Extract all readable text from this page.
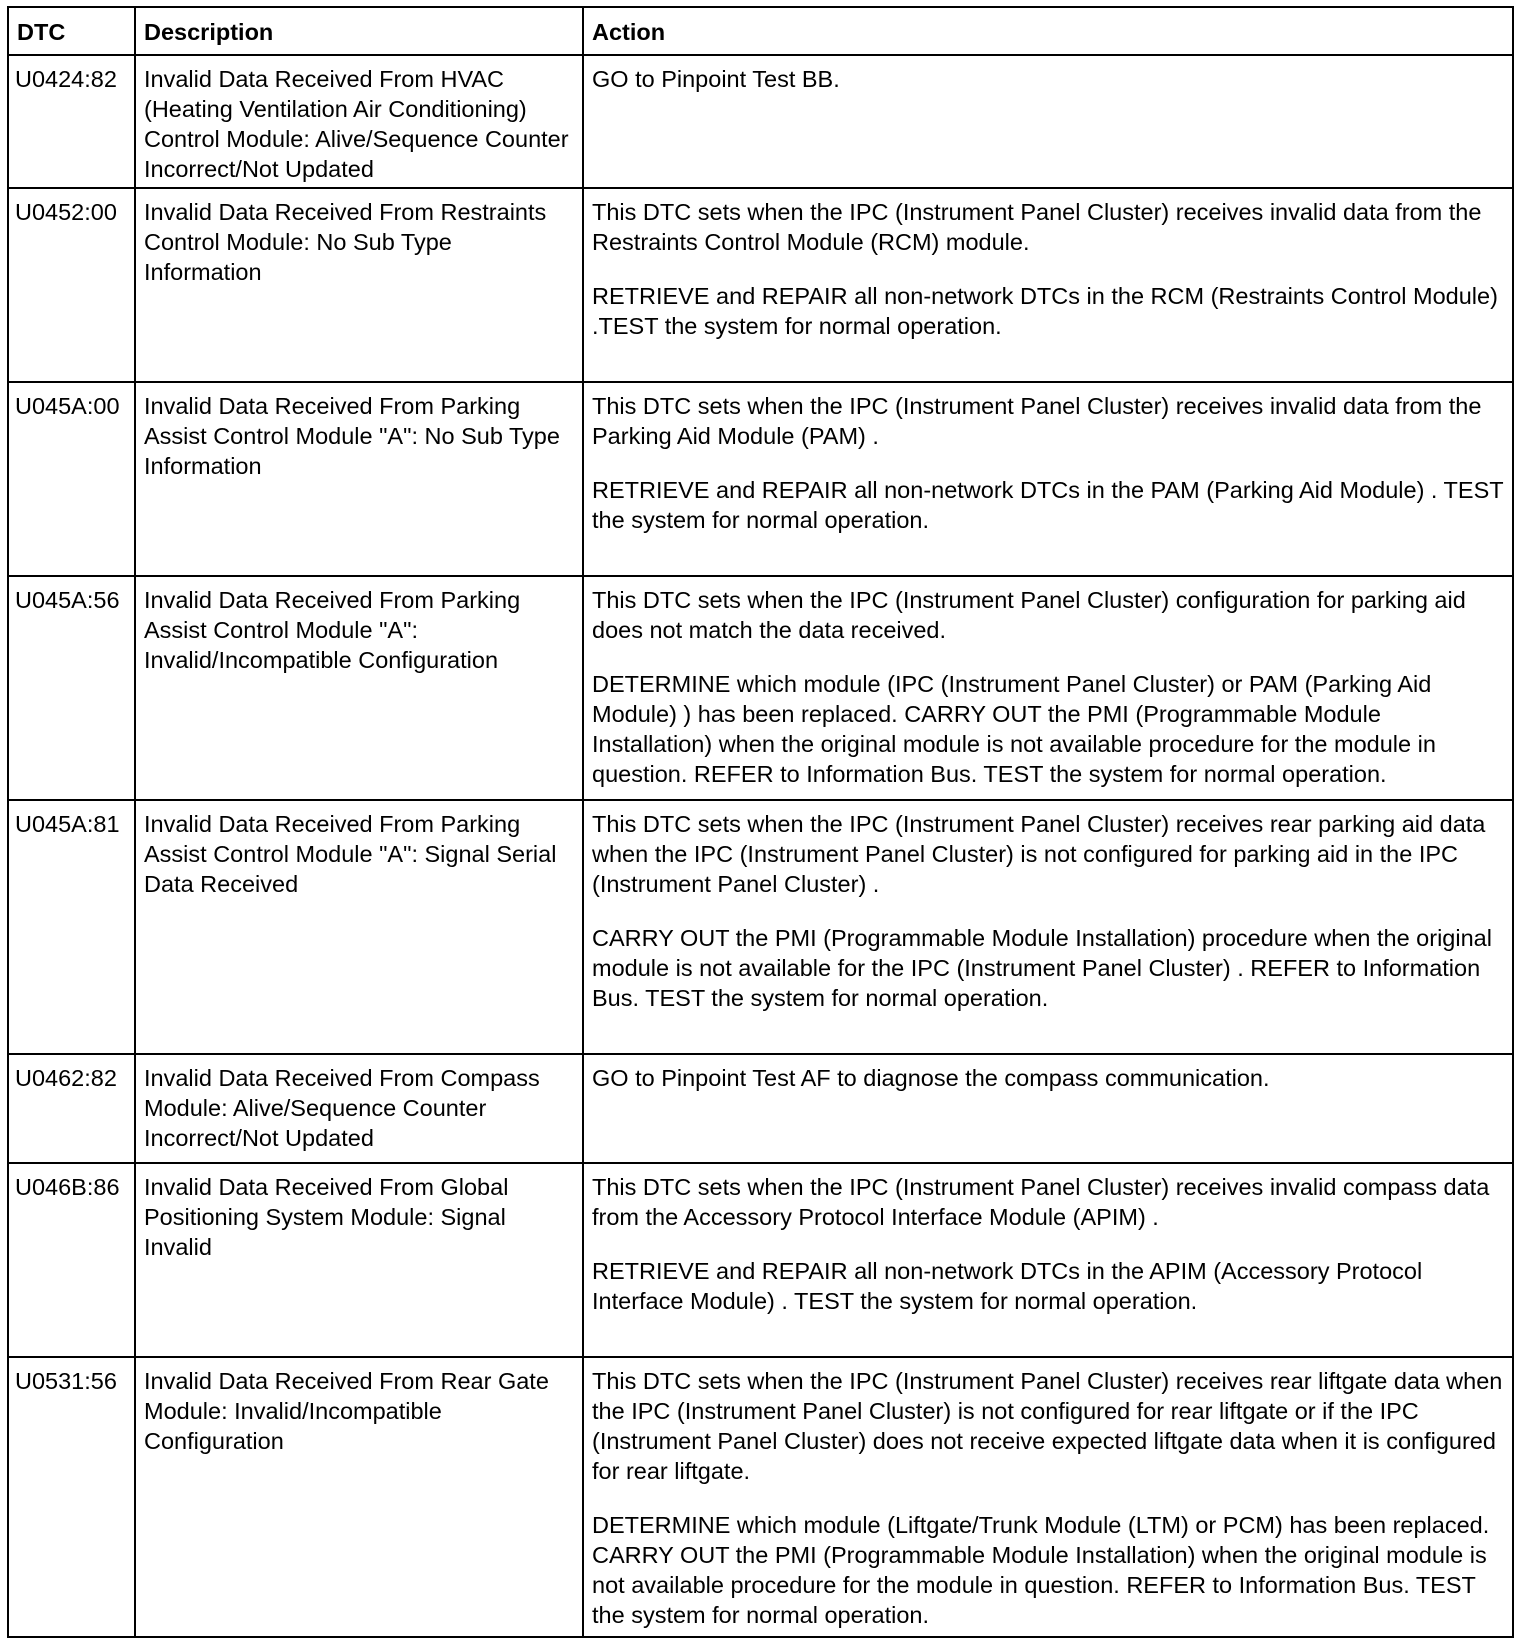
DTC	Description	Action
U0424:82	Invalid Data Received From HVAC (Heating Ventilation Air Conditioning) Control Module: Alive/Sequence Counter Incorrect/Not Updated	GO to Pinpoint Test BB.

U0452:00	Invalid Data Received From Restraints Control Module: No Sub Type Information	This DTC sets when the IPC (Instrument Panel Cluster) receives invalid data from the Restraints Control Module (RCM) module.

RETRIEVE and REPAIR all non-network DTCs in the RCM (Restraints Control Module) .TEST the system for normal operation.

U045A:00	Invalid Data Received From Parking Assist Control Module "A": No Sub Type Information	This DTC sets when the IPC (Instrument Panel Cluster) receives invalid data from the Parking Aid Module (PAM) .

RETRIEVE and REPAIR all non-network DTCs in the PAM (Parking Aid Module) . TEST the system for normal operation.

U045A:56	Invalid Data Received From Parking Assist Control Module "A": Invalid/Incompatible Configuration	This DTC sets when the IPC (Instrument Panel Cluster) configuration for parking aid does not match the data received.

DETERMINE which module (IPC (Instrument Panel Cluster) or PAM (Parking Aid Module) ) has been replaced. CARRY OUT the PMI (Programmable Module Installation) when the original module is not available procedure for the module in question. REFER to Information Bus. TEST the system for normal operation.

U045A:81	Invalid Data Received From Parking Assist Control Module "A": Signal Serial Data Received	This DTC sets when the IPC (Instrument Panel Cluster) receives rear parking aid data when the IPC (Instrument Panel Cluster) is not configured for parking aid in the IPC (Instrument Panel Cluster) .

CARRY OUT the PMI (Programmable Module Installation) procedure when the original module is not available for the IPC (Instrument Panel Cluster) . REFER to Information Bus. TEST the system for normal operation.

U0462:82	Invalid Data Received From Compass Module: Alive/Sequence Counter Incorrect/Not Updated	GO to Pinpoint Test AF to diagnose the compass communication.

U046B:86	Invalid Data Received From Global Positioning System Module: Signal Invalid	This DTC sets when the IPC (Instrument Panel Cluster) receives invalid compass data from the Accessory Protocol Interface Module (APIM) .

RETRIEVE and REPAIR all non-network DTCs in the APIM (Accessory Protocol Interface Module) . TEST the system for normal operation.

U0531:56	Invalid Data Received From Rear Gate Module: Invalid/Incompatible Configuration	This DTC sets when the IPC (Instrument Panel Cluster) receives rear liftgate data when the IPC (Instrument Panel Cluster) is not configured for rear liftgate or if the IPC (Instrument Panel Cluster) does not receive expected liftgate data when it is configured for rear liftgate.

DETERMINE which module (Liftgate/Trunk Module (LTM) or PCM) has been replaced. CARRY OUT the PMI (Programmable Module Installation) when the original module is not available procedure for the module in question. REFER to Information Bus. TEST the system for normal operation.
